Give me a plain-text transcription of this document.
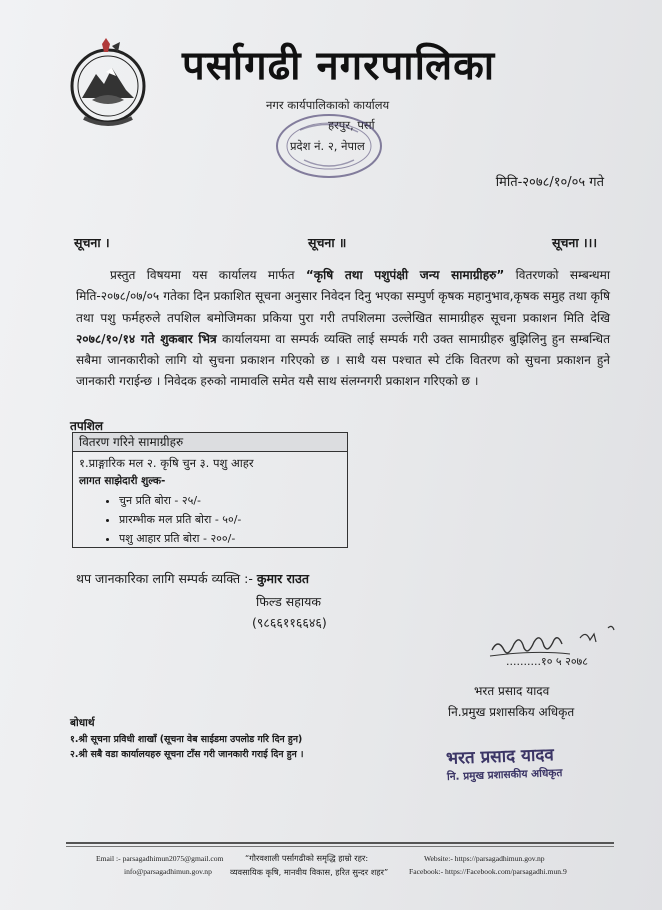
पर्सागढी नगरपालिका
नगर कार्यपालिकाको कार्यालय
हरपुर, पर्सा
प्रदेश नं. २, नेपाल
मिति-२०७८/१०/०५ गते
सूचना ।	सूचना ॥	सूचना ।।।

प्रस्तुत विषयमा यस कार्यालय मार्फत “कृषि तथा पशुपंक्षी जन्य सामाग्रीहरु” वितरणको सम्बन्धमा मिति-२०७८/०७/०५ गतेका दिन प्रकाशित सूचना अनुसार निवेदन दिनु भएका सम्पुर्ण कृषक महानुभाव,कृषक समुह तथा कृषि तथा पशु फर्महरुले तपशिल बमोजिमका प्रकिया पुरा गरी तपशिलमा उल्लेखित सामाग्रीहरु सूचना प्रकाशन मिति देखि २०७८/१०/१४ गते शुकबार भित्र कार्यालयमा वा सम्पर्क व्यक्ति लाई सम्पर्क गरी उक्त सामाग्रीहरु बुझिलिनु हुन सम्बन्धित सबैमा जानकारीको लागि यो सुचना प्रकाशन गरिएको छ । साथै यस पश्चात स्पे टंकि वितरण को सुचना प्रकाशन हुने जानकारी गराईन्छ । निवेदक हरुको नामावलि समेत यसै साथ संलग्नगरी प्रकाशन गरिएको छ ।

तपशिल
वितरण गरिने सामाग्रीहरु
१.प्राङ्गारिक मल २. कृषि चुन ३. पशु आहर
लागत साझेदारी शुल्क-
• चुन प्रति बोरा - २५/-
• प्रारम्भीक मल प्रति बोरा - ५०/-
• पशु आहार प्रति बोरा - २००/-
थप जानकारिका लागि सम्पर्क व्यक्ति :- कुमार राउत
फिल्ड सहायक
(९८६६११६६४६)
..........१० ५ २०७८
भरत प्रसाद यादव
नि.प्रमुख प्रशासकिय अधिकृत
बोधार्थ
१.श्री सूचना प्रविधी शाखाँ (सूचना वेब साईडमा उपलोड गरि दिन हुन)
२.श्री सबै वडा कार्यालयहरु सूचना टाँस गरी जानकारी गराई दिन हुन ।	भरत प्रसाद यादव
नि. प्रमुख प्रशासकीय अधिकृत
Email :- parsagadhimun2075@gmail.com
info@parsagadhimun.gov.np
“गौरवशाली पर्सागढीको समृद्धि हाम्रो रहर:
व्यवसायिक कृषि, मानवीय विकास, हरित सुन्दर शहर”
Website:- https://parsagadhimun.gov.np
Facebook:- https://Facebook.com/parsagadhi.mun.9
